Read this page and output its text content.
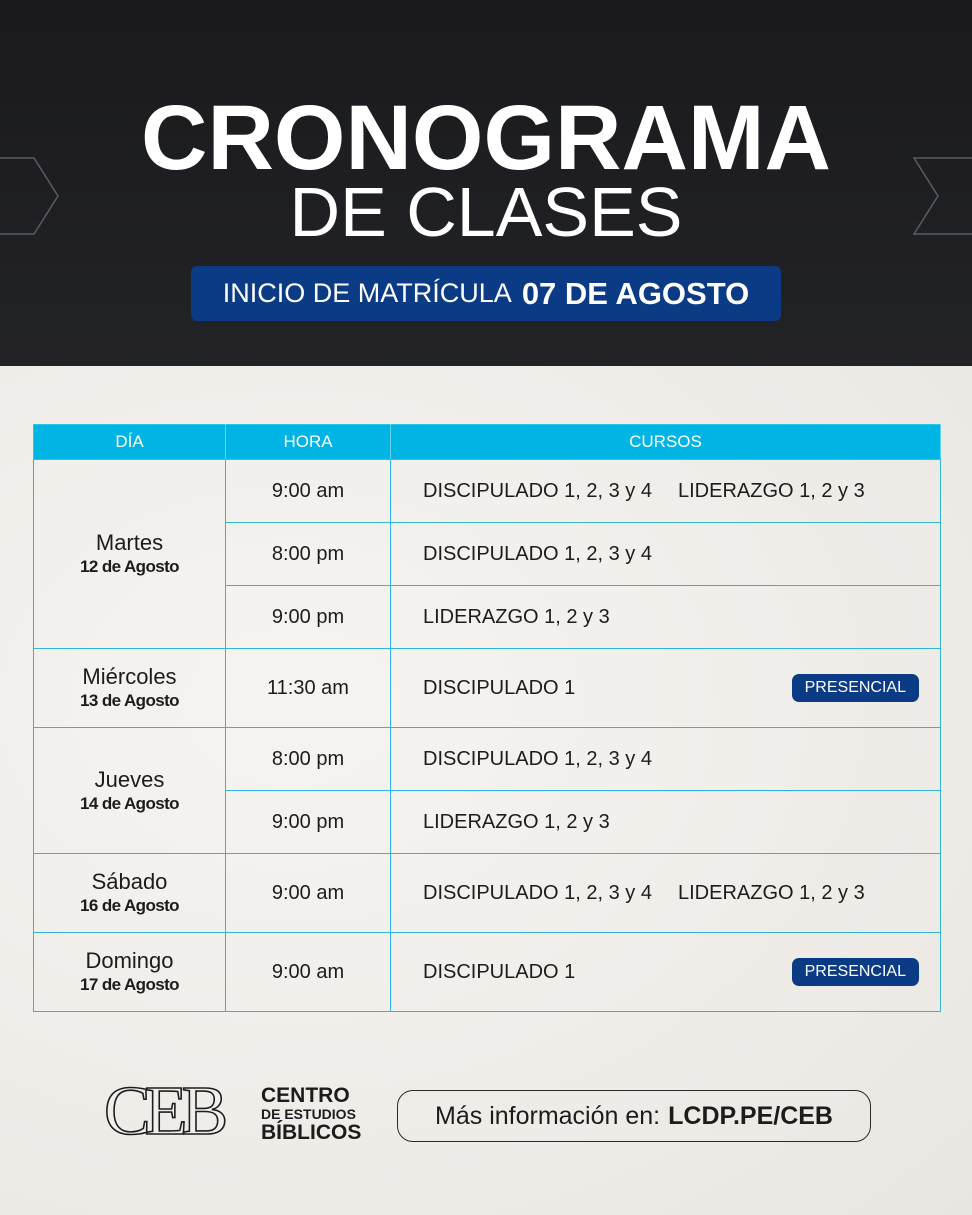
CRONOGRAMA
DE CLASES
INICIO DE MATRÍCULA 07 DE AGOSTO
DÍA	HORA	CURSOS

Martes
12 de Agosto	9:00 am	DISCIPULADO 1, 2, 3 y 4 LIDERAZGO 1, 2 y 3
	8:00 pm	DISCIPULADO 1, 2, 3 y 4
	9:00 pm	LIDERAZGO 1, 2 y 3

Miércoles
13 de Agosto	11:30 am	DISCIPULADO 1 PRESENCIAL

Jueves
14 de Agosto	8:00 pm	DISCIPULADO 1, 2, 3 y 4
	9:00 pm	LIDERAZGO 1, 2 y 3

Sábado
16 de Agosto	9:00 am	DISCIPULADO 1, 2, 3 y 4 LIDERAZGO 1, 2 y 3

Domingo
17 de Agosto	9:00 am	DISCIPULADO 1 PRESENCIAL
CEB CENTRO
DE ESTUDIOS
BÍBLICOS
Más información en: LCDP.PE/CEB
